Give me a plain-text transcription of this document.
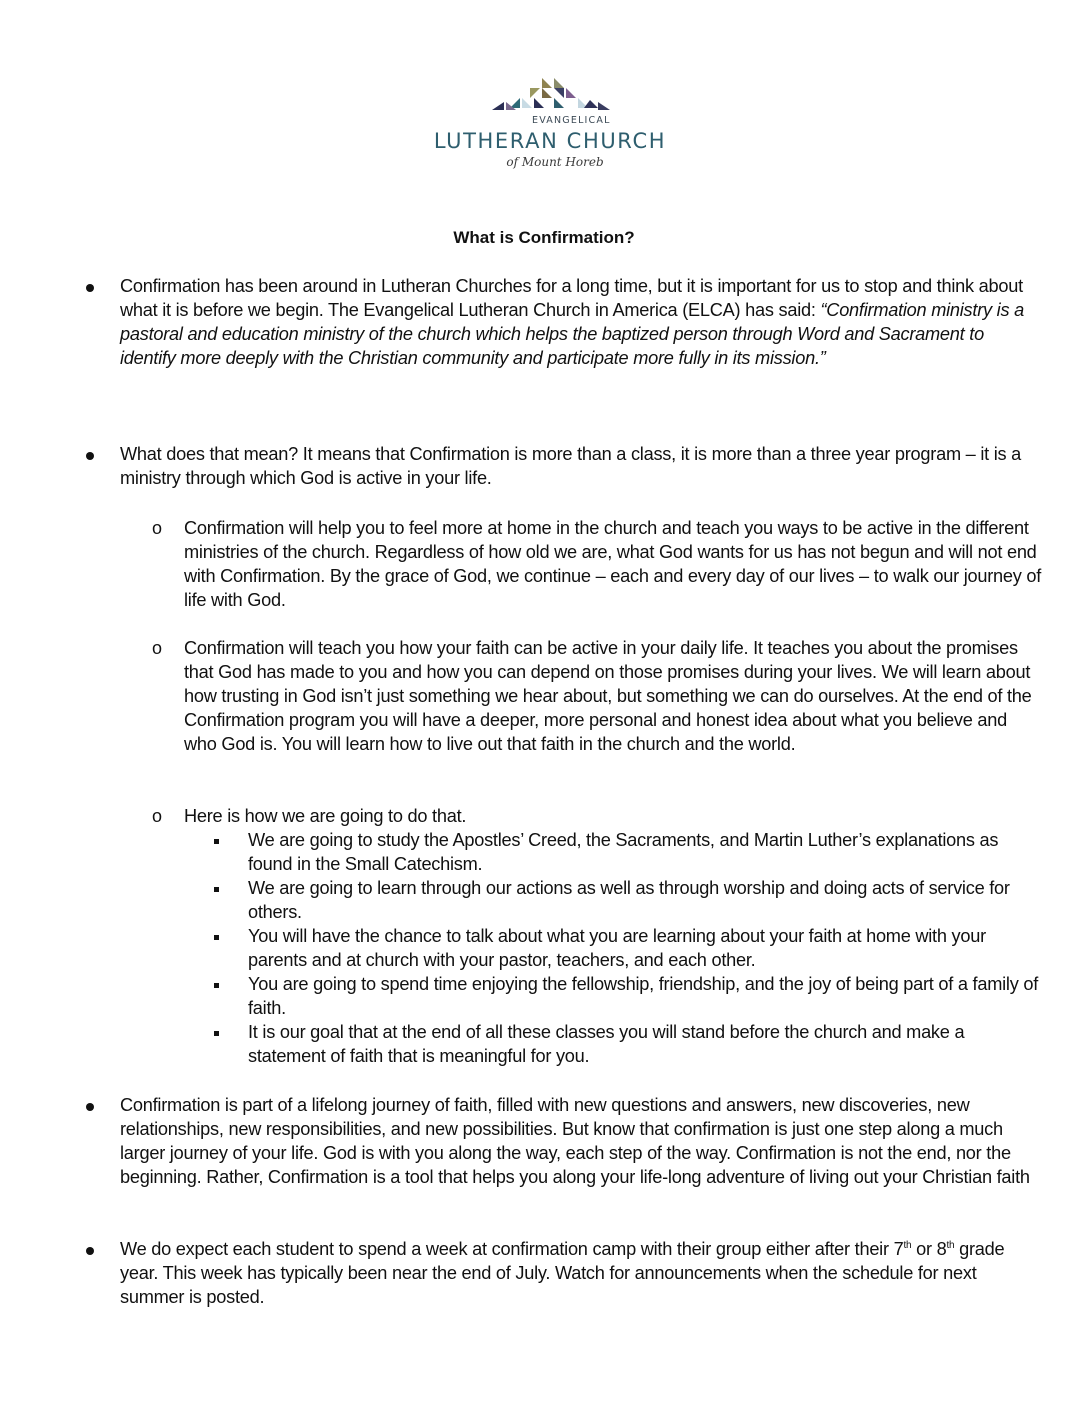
EVANGELICAL
LUTHERAN CHURCH
of Mount Horeb
What is Confirmation?
Confirmation has been around in Lutheran Churches for a long time, but it is important for us to stop and think about what it is before we begin. The Evangelical Lutheran Church in America (ELCA) has said: “Confirmation ministry is a pastoral and education ministry of the church which helps the baptized person through Word and Sacrament to identify more deeply with the Christian community and participate more fully in its mission.”
What does that mean? It means that Confirmation is more than a class, it is more than a three year program – it is a ministry through which God is active in your life.
o Confirmation will help you to feel more at home in the church and teach you ways to be active in the different ministries of the church. Regardless of how old we are, what God wants for us has not begun and will not end with Confirmation. By the grace of God, we continue – each and every day of our lives – to walk our journey of life with God.
o Confirmation will teach you how your faith can be active in your daily life. It teaches you about the promises that God has made to you and how you can depend on those promises during your lives. We will learn about how trusting in God isn’t just something we hear about, but something we can do ourselves. At the end of the Confirmation program you will have a deeper, more personal and honest idea about what you believe and who God is. You will learn how to live out that faith in the church and the world.
o Here is how we are going to do that.
We are going to study the Apostles’ Creed, the Sacraments, and Martin Luther’s explanations as found in the Small Catechism.
We are going to learn through our actions as well as through worship and doing acts of service for others.
You will have the chance to talk about what you are learning about your faith at home with your parents and at church with your pastor, teachers, and each other.
You are going to spend time enjoying the fellowship, friendship, and the joy of being part of a family of faith.
It is our goal that at the end of all these classes you will stand before the church and make a statement of faith that is meaningful for you.
Confirmation is part of a lifelong journey of faith, filled with new questions and answers, new discoveries, new relationships, new responsibilities, and new possibilities. But know that confirmation is just one step along a much larger journey of your life. God is with you along the way, each step of the way. Confirmation is not the end, nor the beginning. Rather, Confirmation is a tool that helps you along your life-long adventure of living out your Christian faith
We do expect each student to spend a week at confirmation camp with their group either after their 7th or 8th grade year. This week has typically been near the end of July. Watch for announcements when the schedule for next summer is posted.
